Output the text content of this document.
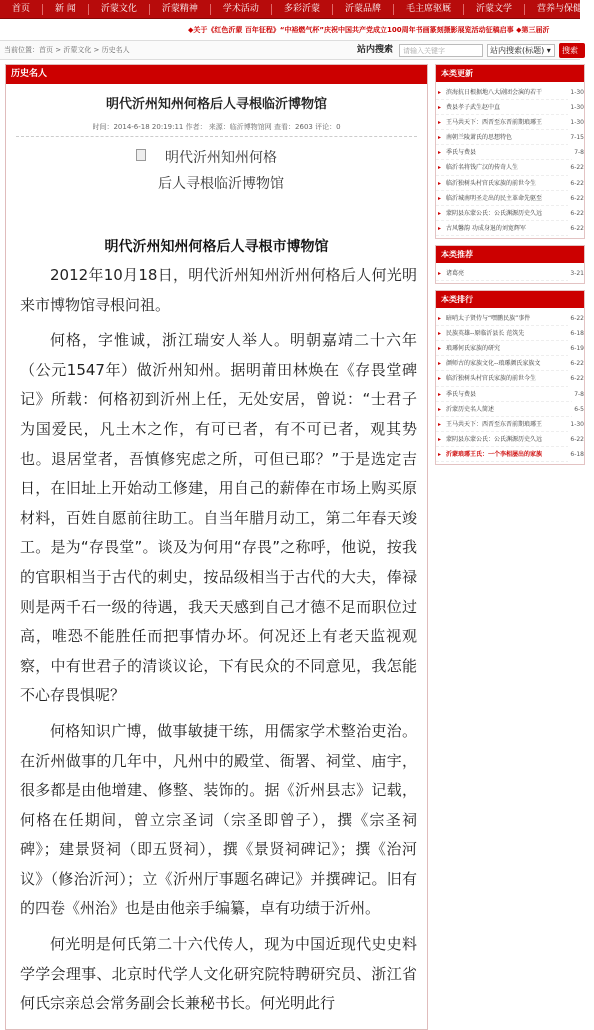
首页	新 闻	沂蒙文化	沂蒙精神	学术活动	多彩沂蒙	沂蒙品牌	毛主席驱厩	沂蒙文学	营养与保健
◆关于《红色沂蒙 百年征程》“中裕燃气杯”庆祝中国共产党成立100周年书画篆刻摄影展览活动征稿启事 ◆第三届沂
当前位置：首页 > 沂蒙文化 > 历史名人	站内搜索	请输入关键字	站内搜索(标题) ▾	搜索
历史名人
明代沂州知州何格后人寻根临沂博物馆
时间：2014-6-18 20:19:11 作者： 来源：临沂博物馆网 查看：2603 评论：0
明代沂州知州何格
后人寻根临沂博物馆
明代沂州知州何格后人寻根市博物馆

2012年10月18日，明代沂州知州沂州何格后人何光明来市博物馆寻根问祖。

何格，字惟诚，浙江瑞安人举人。明朝嘉靖二十六年（公元1547年）做沂州知州。据明莆田林焕在《存畏堂碑记》所载：何格初到沂州上任，无处安居，曾说：“士君子为国爱民，凡土木之作，有可已者，有不可已者，观其势也。退居堂者，吾慎修宪虑之所，可但已耶？”于是选定吉日，在旧址上开始动工修建，用自己的薪俸在市场上购买原材料，百姓自愿前往助工。自当年腊月动工，第二年春天竣工。是为“存畏堂”。谈及为何用“存畏”之称呼，他说，按我的官职相当于古代的刺史，按品级相当于古代的大夫，俸禄则是两千石一级的待遇，我天天感到自己才德不足而职位过高，唯恐不能胜任而把事情办坏。何况还上有老天监视观察，中有世君子的清谈议论，下有民众的不同意见，我怎能不心存畏惧呢？

何格知识广博，做事敏捷干练，用儒家学术整治吏治。在沂州做事的几年中，凡州中的殿堂、衙署、祠堂、庙宇，很多都是由他增建、修整、装饰的。据《沂州县志》记载，何格在任期间，曾立宗圣词（宗圣即曾子），撰《宗圣祠碑》；建景贤祠（即五贤祠），撰《景贤祠碑记》；撰《治河议》（修治沂河）；立《沂州厅事题名碑记》并撰碑记。旧有的四卷《州治》也是由他亲手编纂，卓有功绩于沂州。

何光明是何氏第二十六代传人，现为中国近现代史史料学学会理事、北京时代学人文化研究院特聘研究员、浙江省何氏宗亲总会常务副会长兼秘书长。何光明此行

本类更新
▸ 滨海抗日根据地八大剧团会演的若干	1-30
▸ 费县孝子武生赵中直	1-30
▸ 王马共天下：西晋至东晋前期琅琊王	1-30
▸ 南朝兰陵萧氏的思想特色	7-15
▸ 季氏与费县	7-8
▸ 临沂名将钱广汉的传奇人生	6-22
▸ 临沂独树头村官氏家族的前世今生	6-22
▸ 临沂城南明圣走出的民主革命先驱至	6-22
▸ 蒙阴县东蒙公氏：公氏渊源历史久远	6-22
▸ 古风馨韵 功成身退的刘宽辉军	6-22
本类推荐
▸ 诸葛亮	3-21
本类排行
▸ 暗哨太子贤侍与“嘿鹏民族”事件	6-22
▸ 民族英雄--原临沂县长 范筑先	6-18
▸ 琅琊何氏家族的研究	6-19
▸ 颜师古的家族文化--琅琊颜氏家族文	6-22
▸ 临沂独树头村官氏家族的前世今生	6-22
▸ 季氏与费县	7-8
▸ 沂蒙历史名人简述	6-5
▸ 王马共天下：西晋至东晋前期琅琊王	1-30
▸ 蒙阴县东蒙公氏：公氏渊源历史久远	6-22
▸ 沂蒙琅琊王氏：一个李相屡出的家族	6-18
